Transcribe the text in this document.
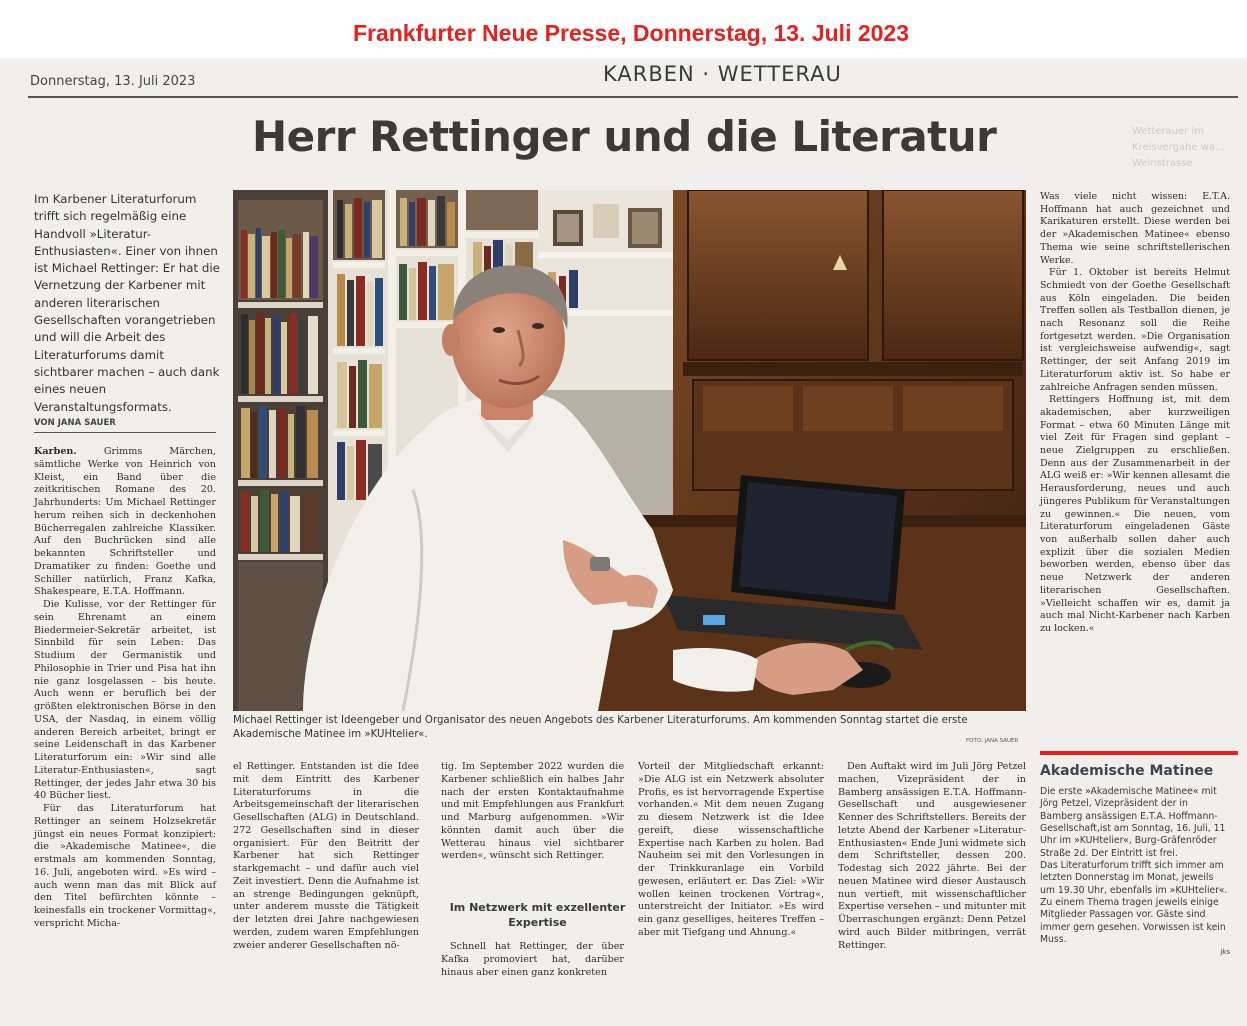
Frankfurter Neue Presse, Donnerstag, 13. Juli 2023
Wetterauer im Kreisvergabe wa... Weinstrasse
Donnerstag, 13. Juli 2023	KARBEN · WETTERAU
Herr Rettinger und die Literatur
Im Karbener Literaturforum trifft sich regelmäßig eine Handvoll »Literatur-Enthusiasten«. Einer von ihnen ist Michael Rettinger: Er hat die Vernetzung der Karbener mit anderen literarischen Gesellschaften vorangetrieben und will die Arbeit des Literaturforums damit sichtbarer machen – auch dank eines neuen Veranstaltungsformats.
VON JANA SAUER

Karben. Grimms Märchen, sämtliche Werke von Heinrich von Kleist, ein Band über die zeitkritischen Romane des 20. Jahrhunderts: Um Michael Rettinger herum reihen sich in deckenhohen Bücherregalen zahlreiche Klassiker. Auf den Buchrücken sind alle bekannten Schriftsteller und Dramatiker zu finden: Goethe und Schiller natürlich, Franz Kafka, Shakespeare, E.T.A. Hoffmann.

Die Kulisse, vor der Rettinger für sein Ehrenamt an einem Biedermeier-Sekretär arbeitet, ist Sinnbild für sein Leben: Das Studium der Germanistik und Philosophie in Trier und Pisa hat ihn nie ganz losgelassen – bis heute. Auch wenn er beruflich bei der größten elektronischen Börse in den USA, der Nasdaq, in einem völlig anderen Bereich arbeitet, bringt er seine Leidenschaft in das Karbener Literaturforum ein: »Wir sind alle Literatur-Enthusiasten«, sagt Rettinger, der jedes Jahr etwa 30 bis 40 Bücher liest.

Für das Literaturforum hat Rettinger an seinem Holzsekretär jüngst ein neues Format konzipiert: die »Akademische Matinee«, die erstmals am kommenden Sonntag, 16. Juli, angeboten wird. »Es wird – auch wenn man das mit Blick auf den Titel befürchten könnte – keinesfalls ein trockener Vormittag«, verspricht Micha-

Michael Rettinger ist Ideengeber und Organisator des neuen Angebots des Karbener Literaturforums. Am kommenden Sonntag startet die erste Akademische Matinee im »KUHtelier«.
FOTO: JANA SAUER

el Rettinger. Entstanden ist die Idee mit dem Eintritt des Karbener Literaturforums in die Arbeitsgemeinschaft der literarischen Gesellschaften (ALG) in Deutschland. 272 Gesellschaften sind in dieser organisiert. Für den Beitritt der Karbener hat sich Rettinger starkgemacht – und dafür auch viel Zeit investiert. Denn die Aufnahme ist an strenge Bedingungen geknüpft, unter anderem musste die Tätigkeit der letzten drei Jahre nachgewiesen werden, zudem waren Empfehlungen zweier anderer Gesellschaften nö-

tig. Im September 2022 wurden die Karbener schließlich ein halbes Jahr nach der ersten Kontaktaufnahme und mit Empfehlungen aus Frankfurt und Marburg aufgenommen. »Wir könnten damit auch über die Wetterau hinaus viel sichtbarer werden«, wünscht sich Rettinger.

Im Netzwerk mit exzellenter Expertise

Schnell hat Rettinger, der über Kafka promoviert hat, darüber hinaus aber einen ganz konkreten

Vorteil der Mitgliedschaft erkannt: »Die ALG ist ein Netzwerk absoluter Profis, es ist hervorragende Expertise vorhanden.« Mit dem neuen Zugang zu diesem Netzwerk ist die Idee gereift, diese wissenschaftliche Expertise nach Karben zu holen. Bad Nauheim sei mit den Vorlesungen in der Trinkkuranlage ein Vorbild gewesen, erläutert er. Das Ziel: »Wir wollen keinen trockenen Vortrag«, unterstreicht der Initiator. »Es wird ein ganz geselliges, heiteres Treffen – aber mit Tiefgang und Ahnung.«

Den Auftakt wird im Juli Jörg Petzel machen, Vizepräsident der in Bamberg ansässigen E.T.A. Hoffmann-Gesellschaft und ausgewiesener Kenner des Schriftstellers. Bereits der letzte Abend der Karbener »Literatur-Enthusiasten« Ende Juni widmete sich dem Schriftsteller, dessen 200. Todestag sich 2022 jährte. Bei der neuen Matinee wird dieser Austausch nun vertieft, mit wissenschaftlicher Expertise versehen – und mitunter mit Überraschungen ergänzt: Denn Petzel wird auch Bilder mitbringen, verrät Rettinger.

Was viele nicht wissen: E.T.A. Hoffmann hat auch gezeichnet und Karikaturen erstellt. Diese werden bei der »Akademischen Matinee« ebenso Thema wie seine schriftstellerischen Werke.

Für 1. Oktober ist bereits Helmut Schmiedt von der Goethe Gesellschaft aus Köln eingeladen. Die beiden Treffen sollen als Testballon dienen, je nach Resonanz soll die Reihe fortgesetzt werden. »Die Organisation ist vergleichsweise aufwendig«, sagt Rettinger, der seit Anfang 2019 im Literaturforum aktiv ist. So habe er zahlreiche Anfragen senden müssen.

Rettingers Hoffnung ist, mit dem akademischen, aber kurzweiligen Format – etwa 60 Minuten Länge mit viel Zeit für Fragen sind geplant – neue Zielgruppen zu erschließen. Denn aus der Zusammenarbeit in der ALG weiß er: »Wir kennen allesamt die Herausforderung, neues und auch jüngeres Publikum für Veranstaltungen zu gewinnen.« Die neuen, vom Literaturforum eingeladenen Gäste von außerhalb sollen daher auch explizit über die sozialen Medien beworben werden, ebenso über das neue Netzwerk der anderen literarischen Gesellschaften. »Vielleicht schaffen wir es, damit ja auch mal Nicht-Karbener nach Karben zu locken.«

Akademische Matinee

Die erste »Akademische Matinee« mit Jörg Petzel, Vizepräsident der in Bamberg ansässigen E.T.A. Hoffmann-Gesellschaft,ist am Sonntag, 16. Juli, 11 Uhr im »KUHtelier«, Burg-Gräfenröder Straße 2d. Der Eintritt ist frei.

Das Literaturforum trifft sich immer am letzten Donnerstag im Monat, jeweils um 19.30 Uhr, ebenfalls im »KUHtelier«. Zu einem Thema tragen jeweils einige Mitglieder Passagen vor. Gäste sind immer gern gesehen. Vorwissen ist kein Muss.

jks
